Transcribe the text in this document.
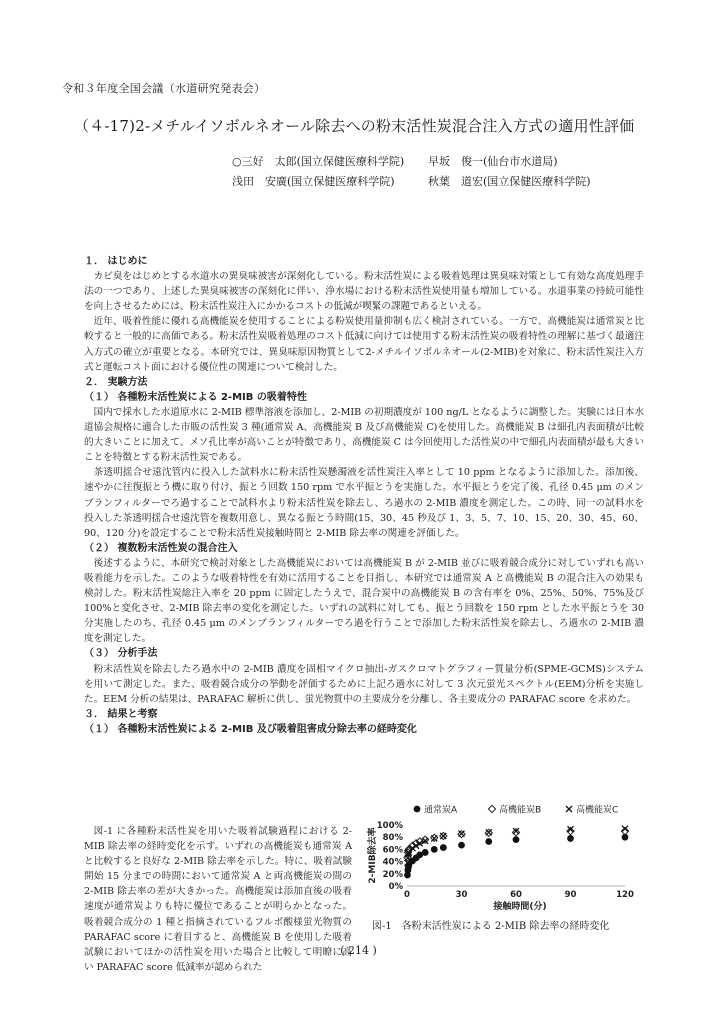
令和３年度全国会議（水道研究発表会）
（４-17)2-メチルイソボルネオール除去への粉末活性炭混合注入方式の適用性評価
○三好　太郎(国立保健医療科学院)	早坂　俊一(仙台市水道局)
浅田　安廣(国立保健医療科学院)	秋葉　道宏(国立保健医療科学院)

１． はじめに

カビ臭をはじめとする水道水の異臭味被害が深刻化している。粉末活性炭による吸着処理は異臭味対策として有効な高度処理手法の一つであり、上述した異臭味被害の深刻化に伴い、浄水場における粉末活性炭使用量も増加している。水道事業の持続可能性を向上させるためには、粉末活性炭注入にかかるコストの低減が喫緊の課題であるといえる。

近年、吸着性能に優れる高機能炭を使用することによる粉炭使用量抑制も広く検討されている。一方で、高機能炭は通常炭と比較すると一般的に高価である。粉末活性炭吸着処理のコスト低減に向けては使用する粉末活性炭の吸着特性の理解に基づく最適注入方式の確立が重要となる。本研究では、異臭味原因物質として2-メチルイソボルネオール(2-MIB)を対象に、粉末活性炭注入方式と運転コスト面における優位性の関連について検討した。

２． 実験方法

（１） 各種粉末活性炭による 2-MIB の吸着特性

国内で採水した水道原水に 2-MIB 標準溶液を添加し、2-MIB の初期濃度が 100 ng/L となるように調整した。実験には日本水道協会規格に適合した市販の活性炭 3 種(通常炭 A、高機能炭 B 及び高機能炭 C)を使用した。高機能炭 B は細孔内表面積が比較的大きいことに加えて、メソ孔比率が高いことが特徴であり、高機能炭 C は今回使用した活性炭の中で細孔内表面積が最も大きいことを特徴とする粉末活性炭である。

茶透明揺合せ遠沈管内に投入した試料水に粉末活性炭懸濁液を活性炭注入率として 10 ppm となるように添加した。添加後、速やかに往復振とう機に取り付け、振とう回数 150 rpm で水平振とうを実施した。水平振とうを完了後、孔径 0.45 μm のメンブランフィルターでろ過することで試料水より粉末活性炭を除去し、ろ過水の 2-MIB 濃度を測定した。この時、同一の試料水を投入した茶透明揺合せ遠沈管を複数用意し、異なる振とう時間(15、30、45 秒及び 1、3、5、7、10、15、20、30、45、60、90、120 分)を設定することで粉末活性炭接触時間と 2-MIB 除去率の関連を評価した。

（２） 複数粉末活性炭の混合注入

後述するように、本研究で検討対象とした高機能炭においては高機能炭 B が 2-MIB 並びに吸着競合成分に対していずれも高い吸着能力を示した。このような吸着特性を有効に活用することを目指し、本研究では通常炭 A と高機能炭 B の混合注入の効果も検討した。粉末活性炭総注入率を 20 ppm に固定したうえで、混合炭中の高機能炭 B の含有率を 0%、25%、50%、75%及び 100%と変化させ、2-MIB 除去率の変化を測定した。いずれの試料に対しても、振とう回数を 150 rpm とした水平振とうを 30 分実施したのち、孔径 0.45 μm のメンブランフィルターでろ過を行うことで添加した粉末活性炭を除去し、ろ過水の 2-MIB 濃度を測定した。

（３） 分析手法

粉末活性炭を除去したろ過水中の 2-MIB 濃度を固相マイクロ抽出-ガスクロマトグラフィー質量分析(SPME-GCMS)システムを用いて測定した。また、吸着競合成分の挙動を評価するために上記ろ過水に対して 3 次元蛍光スペクトル(EEM)分析を実施した。EEM 分析の結果は、PARAFAC 解析に供し、蛍光物質中の主要成分を分離し、各主要成分の PARAFAC score を求めた。

３． 結果と考察

（１） 各種粉末活性炭による 2-MIB 及び吸着阻害成分除去率の経時変化

図-1 に各種粉末活性炭を用いた吸着試験過程における 2-MIB 除去率の経時変化を示す。いずれの高機能炭も通常炭 A と比較すると良好な 2-MIB 除去率を示した。特に、吸着試験開始 15 分までの時間において通常炭 A と両高機能炭の間の 2-MIB 除去率の差が大きかった。高機能炭は添加直後の吸着速度が通常炭よりも特に優位であることが明らかとなった。吸着競合成分の 1 種と指摘されているフルボ酸様蛍光物質の PARAFAC score に着目すると、高機能炭 B を使用した吸着試験においてほかの活性炭を用いた場合と比較して明瞭に高い PARAFAC score 低減率が認められた

0%
20%
40%
60%
80%
100%
0	30	60	90	120
接触時間(分)
2-MIB除去率
通常炭A	高機能炭B	高機能炭C
図-1　各粉末活性炭による 2-MIB 除去率の経時変化
( 214 )
